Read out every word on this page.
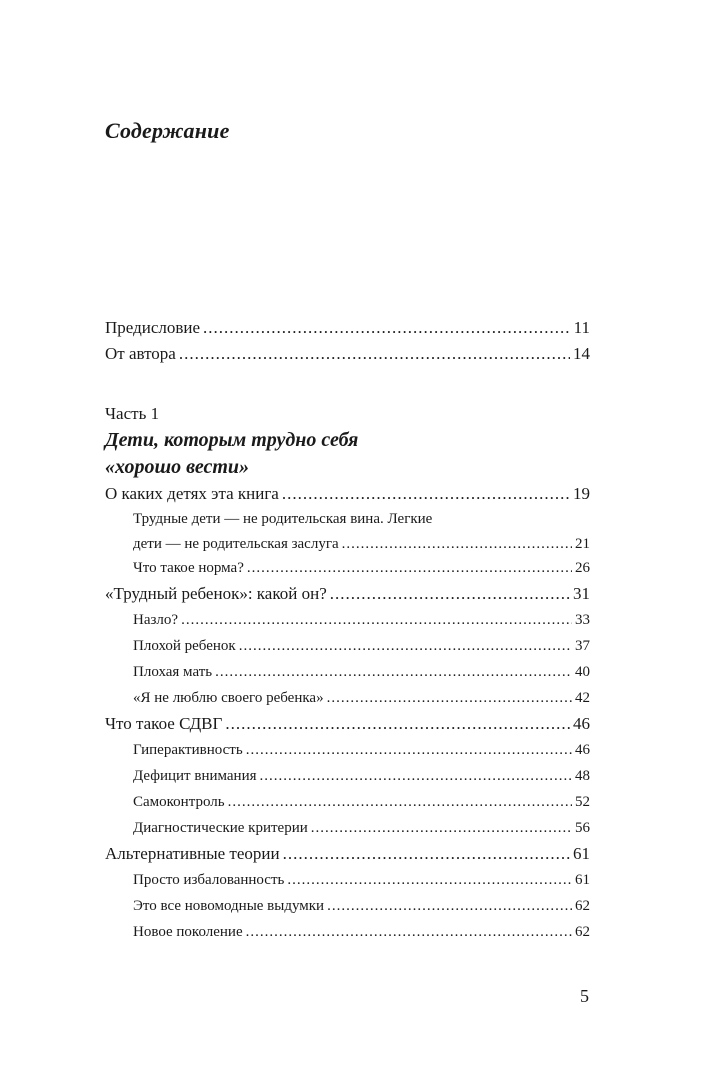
Содержание
Предисловие .....	11
От автора .....	14
Часть 1
Дети, которым трудно себя
«хорошо вести»
О каких детях эта книга .....	19
Трудные дети — не родительская вина. Легкие
дети — не родительская заслуга .....	21
Что такое норма? .....	26
«Трудный ребенок»: какой он? .....	31
Назло? .....	33
Плохой ребенок .....	37
Плохая мать .....	40
«Я не люблю своего ребенка» .....	42
Что такое СДВГ .....	46
Гиперактивность .....	46
Дефицит внимания .....	48
Самоконтроль .....	52
Диагностические критерии .....	56
Альтернативные теории .....	61
Просто избалованность .....	61
Это все новомодные выдумки .....	62
Новое поколение .....	62
5
